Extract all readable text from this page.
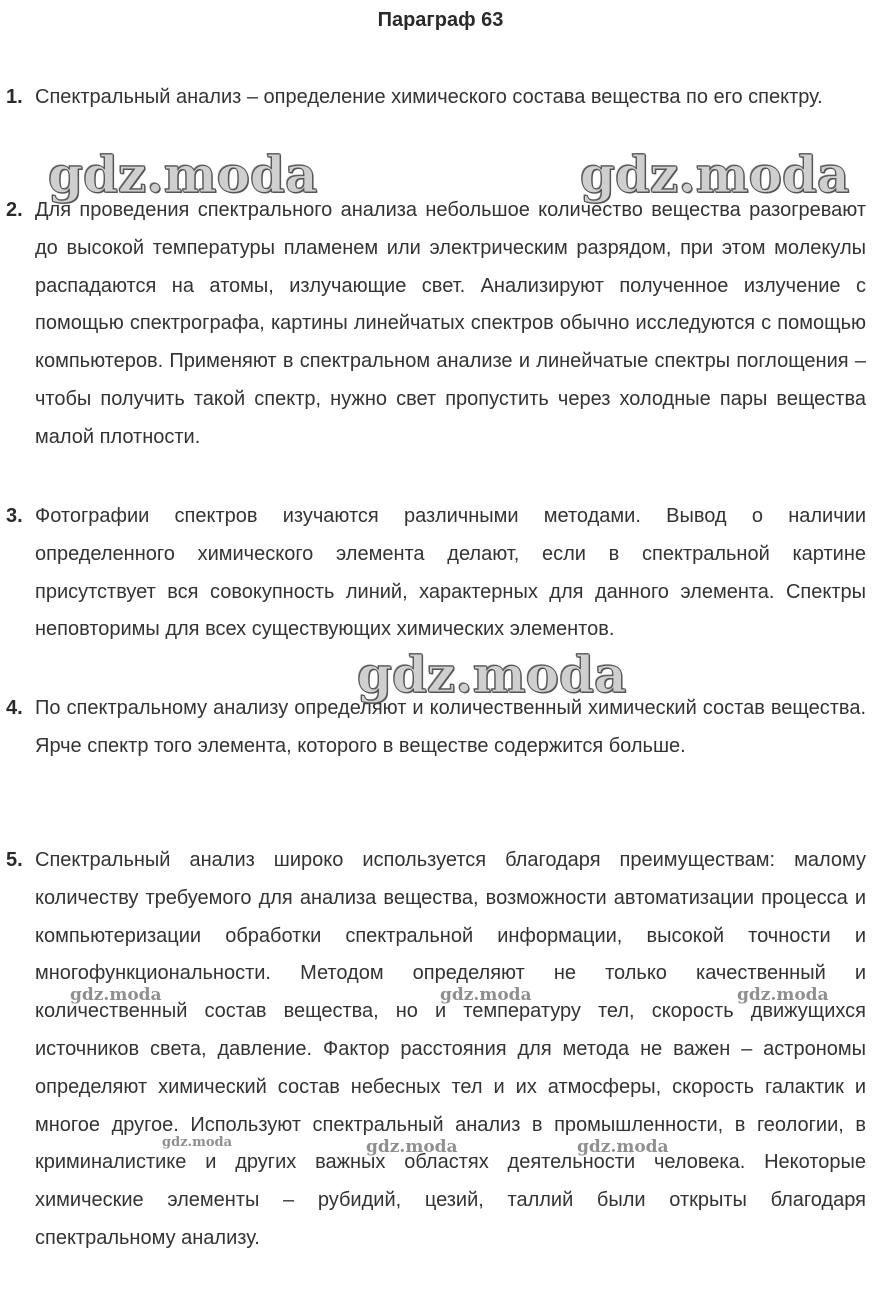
Параграф 63
1. Спектральный анализ – определение химического состава вещества по его спектру.
2. Для проведения спектрального анализа небольшое количество вещества разогревают до высокой температуры пламенем или электрическим разрядом, при этом молекулы распадаются на атомы, излучающие свет. Анализируют полученное излучение с помощью спектрографа, картины линейчатых спектров обычно исследуются с помощью компьютеров. Применяют в спектральном анализе и линейчатые спектры поглощения – чтобы получить такой спектр, нужно свет пропустить через холодные пары вещества малой плотности.
3. Фотографии спектров изучаются различными методами. Вывод о наличии определенного химического элемента делают, если в спектральной картине присутствует вся совокупность линий, характерных для данного элемента. Спектры неповторимы для всех существующих химических элементов.
4. По спектральному анализу определяют и количественный химический состав вещества. Ярче спектр того элемента, которого в веществе содержится больше.
5. Спектральный анализ широко используется благодаря преимуществам: малому количеству требуемого для анализа вещества, возможности автоматизации процесса и компьютеризации обработки спектральной информации, высокой точности и многофункциональности. Методом определяют не только качественный и количественный состав вещества, но и температуру тел, скорость движущихся источников света, давление. Фактор расстояния для метода не важен – астрономы определяют химический состав небесных тел и их атмосферы, скорость галактик и многое другое. Используют спектральный анализ в промышленности, в геологии, в криминалистике и других важных областях деятельности человека. Некоторые химические элементы – рубидий, цезий, таллий были открыты благодаря спектральному анализу.
gdz.moda	gdz.moda
gdz.moda
gdz.moda	gdz.moda	gdz.moda
gdz.moda	gdz.moda	gdz.moda
